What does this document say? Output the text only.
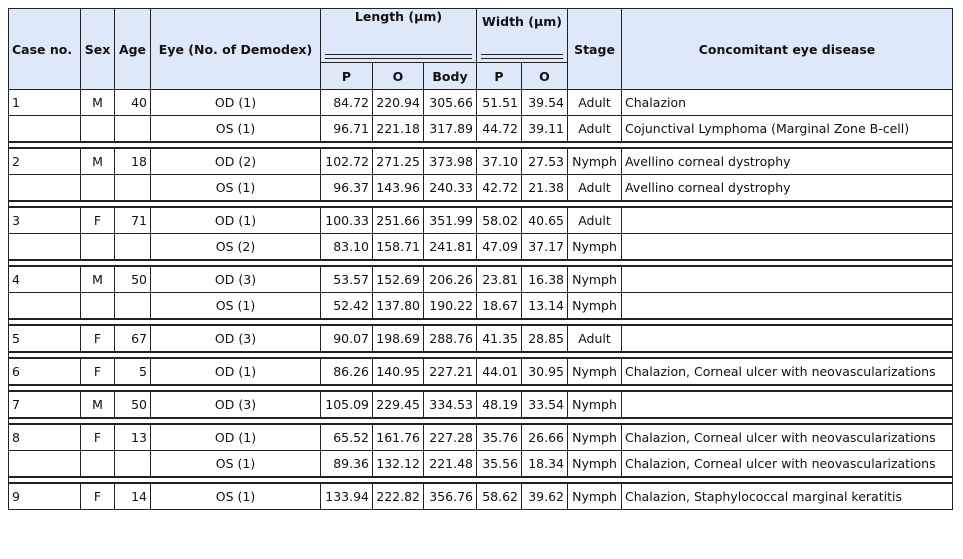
Case no.	Sex	Age	Eye (No. of Demodex)	Length (µm)			Width (µm)		Stage	Concomitant eye disease
				P	O	Body	P	O		
1	M	40	OD (1)	84.72	220.94	305.66	51.51	39.54	Adult	Chalazion
			OS (1)	96.71	221.18	317.89	44.72	39.11	Adult	Cojunctival Lymphoma (Marginal Zone B-cell)

2	M	18	OD (2)	102.72	271.25	373.98	37.10	27.53	Nymph	Avellino corneal dystrophy
			OS (1)	96.37	143.96	240.33	42.72	21.38	Adult	Avellino corneal dystrophy

3	F	71	OD (1)	100.33	251.66	351.99	58.02	40.65	Adult	
			OS (2)	83.10	158.71	241.81	47.09	37.17	Nymph	

4	M	50	OD (3)	53.57	152.69	206.26	23.81	16.38	Nymph	
			OS (1)	52.42	137.80	190.22	18.67	13.14	Nymph	

5	F	67	OD (3)	90.07	198.69	288.76	41.35	28.85	Adult	

6	F	5	OD (1)	86.26	140.95	227.21	44.01	30.95	Nymph	Chalazion, Corneal ulcer with neovascularizations

7	M	50	OD (3)	105.09	229.45	334.53	48.19	33.54	Nymph	

8	F	13	OD (1)	65.52	161.76	227.28	35.76	26.66	Nymph	Chalazion, Corneal ulcer with neovascularizations
			OS (1)	89.36	132.12	221.48	35.56	18.34	Nymph	Chalazion, Corneal ulcer with neovascularizations

9	F	14	OS (1)	133.94	222.82	356.76	58.62	39.62	Nymph	Chalazion, Staphylococcal marginal keratitis
